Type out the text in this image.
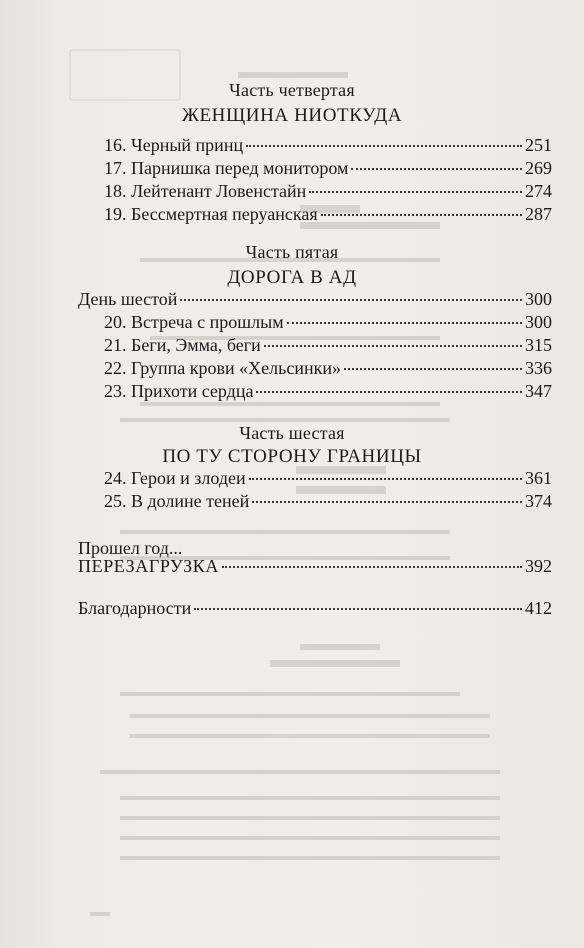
Часть четвертая
ЖЕНЩИНА НИОТКУДА
16. Черный принц	251
17. Парнишка перед монитором	269
18. Лейтенант Ловенстайн	274
19. Бессмертная перуанская	287
Часть пятая
ДОРОГА В АД
День шестой	300
20. Встреча с прошлым	300
21. Беги, Эмма, беги	315
22. Группа крови «Хельсинки»	336
23. Прихоти сердца	347
Часть шестая
ПО ТУ СТОРОНУ ГРАНИЦЫ
24. Герои и злодеи	361
25. В долине теней	374
Прошел год...
ПЕРЕЗАГРУЗКА	392
Благодарности	412
